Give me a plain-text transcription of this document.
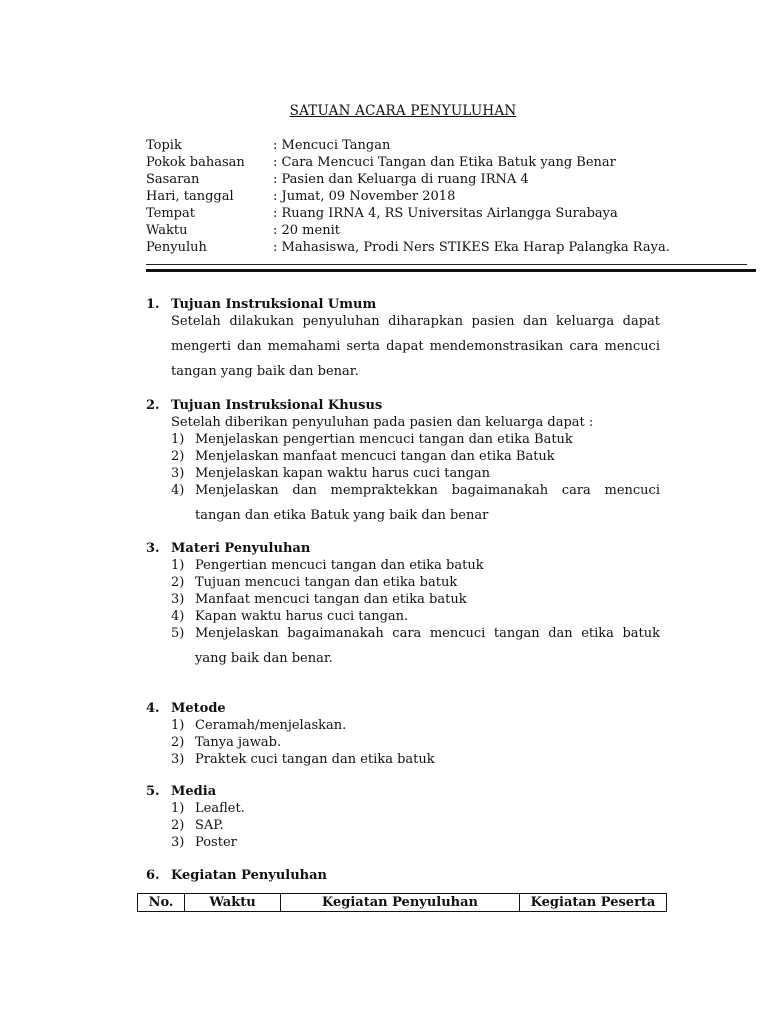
SATUAN ACARA PENYULUHAN
Topik	: Mencuci Tangan
Pokok bahasan	: Cara Mencuci Tangan dan Etika Batuk yang Benar
Sasaran	: Pasien dan Keluarga di ruang IRNA 4
Hari, tanggal	: Jumat, 09 November 2018
Tempat	: Ruang IRNA 4, RS Universitas Airlangga Surabaya
Waktu	: 20 menit
Penyuluh	: Mahasiswa, Prodi Ners STIKES Eka Harap Palangka Raya.
1. Tujuan Instruksional Umum
Setelah dilakukan penyuluhan diharapkan pasien dan keluarga dapat mengerti dan memahami serta dapat mendemonstrasikan cara mencuci tangan yang baik dan benar.
2. Tujuan Instruksional Khusus
Setelah diberikan penyuluhan pada pasien dan keluarga dapat :
1) Menjelaskan pengertian mencuci tangan dan etika Batuk
2) Menjelaskan manfaat mencuci tangan dan etika Batuk
3) Menjelaskan kapan waktu harus cuci tangan
4) Menjelaskan dan mempraktekkan bagaimanakah cara mencuci tangan dan etika Batuk yang baik dan benar
3. Materi Penyuluhan
1) Pengertian mencuci tangan dan etika batuk
2) Tujuan mencuci tangan dan etika batuk
3) Manfaat mencuci tangan dan etika batuk
4) Kapan waktu harus cuci tangan.
5) Menjelaskan bagaimanakah cara mencuci tangan dan etika batuk yang baik dan benar.
4. Metode
1) Ceramah/menjelaskan.
2) Tanya jawab.
3) Praktek cuci tangan dan etika batuk
5. Media
1) Leaflet.
2) SAP.
3) Poster
6. Kegiatan Penyuluhan
No.	Waktu	Kegiatan Penyuluhan	Kegiatan Peserta
